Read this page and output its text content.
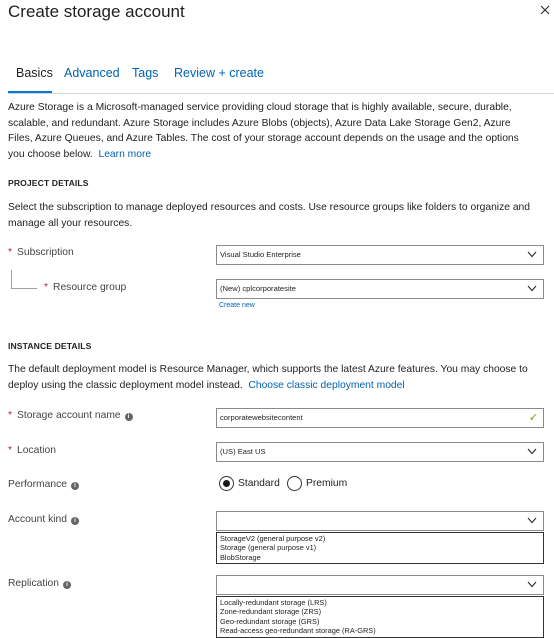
Create storage account
Basics Advanced Tags Review + create
Azure Storage is a Microsoft-managed service providing cloud storage that is highly available, secure, durable, scalable, and redundant. Azure Storage includes Azure Blobs (objects), Azure Data Lake Storage Gen2, Azure Files, Azure Queues, and Azure Tables. The cost of your storage account depends on the usage and the options you choose below. Learn more
PROJECT DETAILS
Select the subscription to manage deployed resources and costs. Use resource groups like folders to organize and manage all your resources.
* Subscription	Visual Studio Enterprise
* Resource group	(New) cplcorporatesite
Create new
INSTANCE DETAILS
The default deployment model is Resource Manager, which supports the latest Azure features. You may choose to deploy using the classic deployment model instead. Choose classic deployment model
* Storage account name i	corporatewebsitecontent	✓
* Location	(US) East US
Performance i	Standard	Premium
Account kind i
StorageV2 (general purpose v2)
Storage (general purpose v1)
BlobStorage
Replication i
Locally-redundant storage (LRS)
Zone-redundant storage (ZRS)
Geo-redundant storage (GRS)
Read-access geo-redundant storage (RA-GRS)
